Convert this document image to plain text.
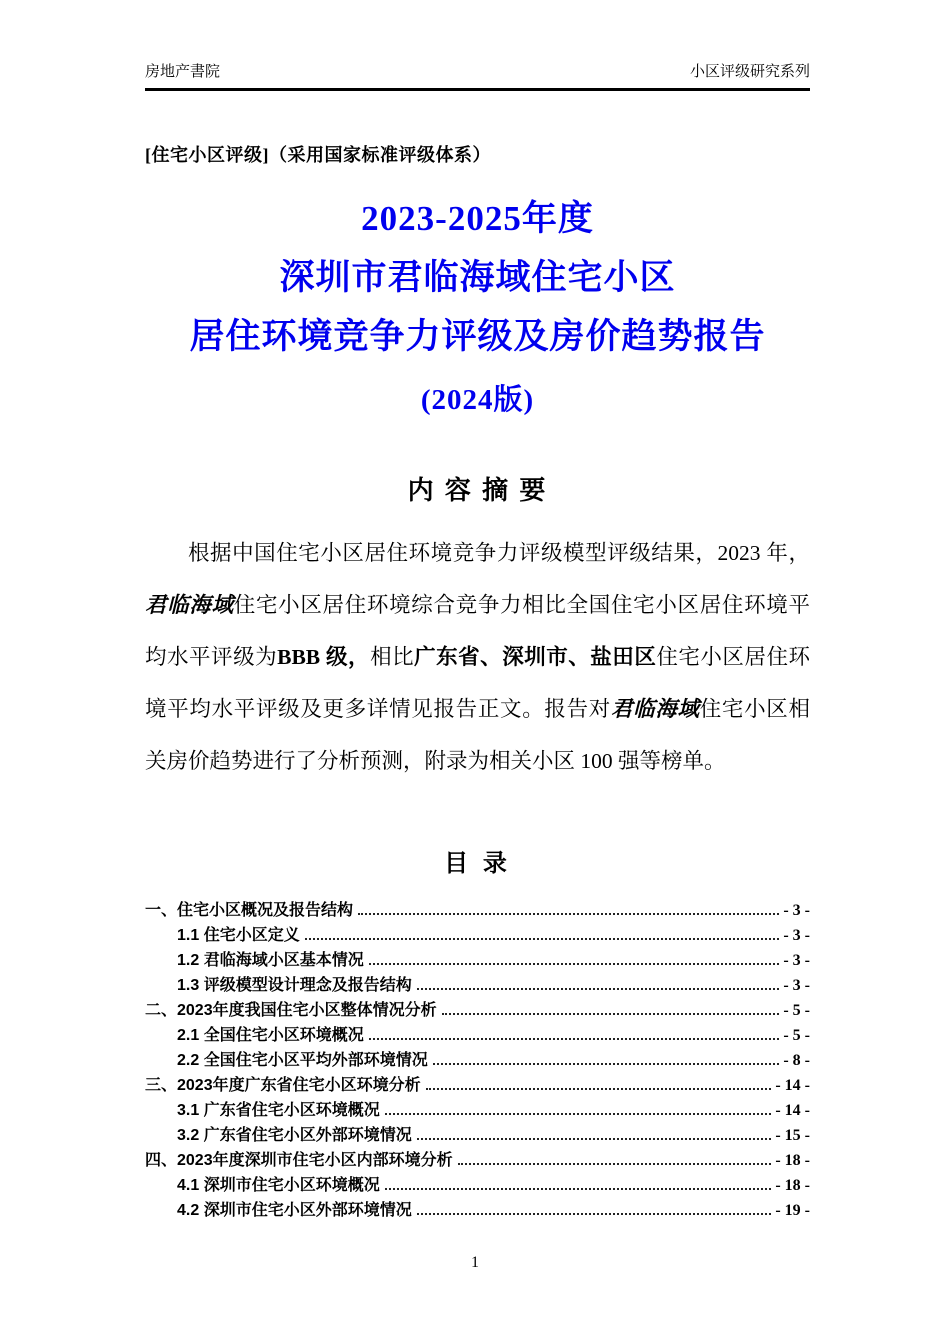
房地产書院	小区评级研究系列
[住宅小区评级]（采用国家标准评级体系）
2023-2025年度
深圳市君临海域住宅小区
居住环境竞争力评级及房价趋势报告
(2024版)
内 容 摘 要

根据中国住宅小区居住环境竞争力评级模型评级结果，2023 年，君临海域住宅小区居住环境综合竞争力相比全国住宅小区居住环境平均水平评级为BBB 级，相比广东省、深圳市、盐田区住宅小区居住环境平均水平评级及更多详情见报告正文。报告对君临海域住宅小区相关房价趋势进行了分析预测，附录为相关小区 100 强等榜单。

目 录
一、住宅小区概况及报告结构	- 3 -
1.1 住宅小区定义	- 3 -
1.2 君临海域小区基本情况	- 3 -
1.3 评级模型设计理念及报告结构	- 3 -
二、2023年度我国住宅小区整体情况分析	- 5 -
2.1 全国住宅小区环境概况	- 5 -
2.2 全国住宅小区平均外部环境情况	- 8 -
三、2023年度广东省住宅小区环境分析	- 14 -
3.1 广东省住宅小区环境概况	- 14 -
3.2 广东省住宅小区外部环境情况	- 15 -
四、2023年度深圳市住宅小区内部环境分析	- 18 -
4.1 深圳市住宅小区环境概况	- 18 -
4.2 深圳市住宅小区外部环境情况	- 19 -
1
